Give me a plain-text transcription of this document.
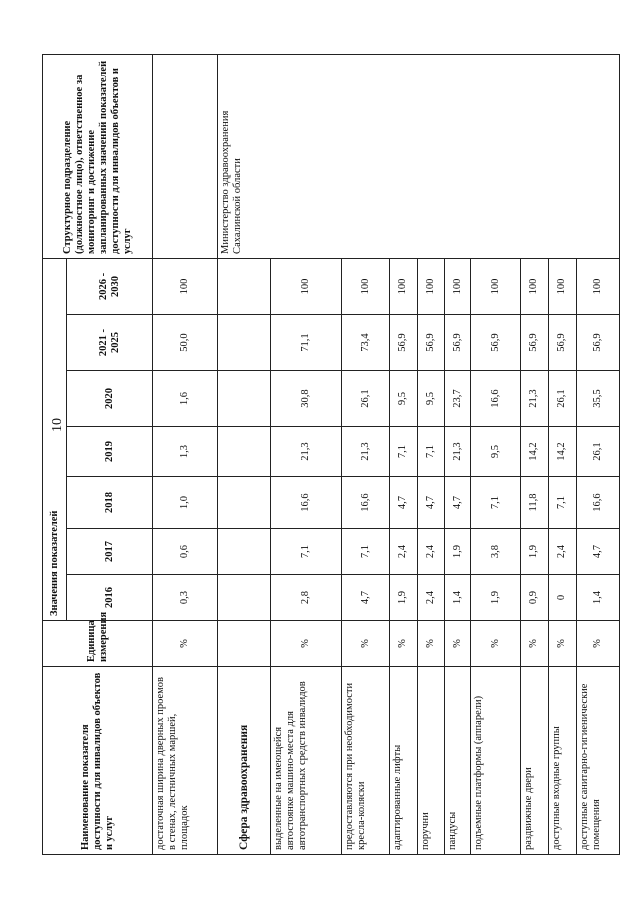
10
Наименование показателя доступности для инвалидов объектов и услуг	Единица измерения	Значения показателей							Структурное подразделение (должностное лицо), ответственное за мониторинг и достижение запланированных значений показателей доступности для инвалидов объектов и услуг
		2016	2017	2018	2019	2020	2021 - 2025	2026 - 2030	
достаточная ширина дверных проемов в стенах, лестничных маршей, площадок	%	0,3	0,6	1,0	1,3	1,6	50,0	100	
Сфера здравоохранения									Министерство здравоохранения Сахалинской области
выделенные на имеющейся автостоянке машино-места для автотранспортных средств инвалидов	%	2,8	7,1	16,6	21,3	30,8	71,1	100	
предоставляются при необходимости кресла-коляски	%	4,7	7,1	16,6	21,3	26,1	73,4	100	
адаптированные лифты	%	1,9	2,4	4,7	7,1	9,5	56,9	100	
поручни	%	2,4	2,4	4,7	7,1	9,5	56,9	100	
пандусы	%	1,4	1,9	4,7	21,3	23,7	56,9	100	
подъемные платформы (аппарели)	%	1,9	3,8	7,1	9,5	16,6	56,9	100	
раздвижные двери	%	0,9	1,9	11,8	14,2	21,3	56,9	100	
доступные входные группы	%	0	2,4	7,1	14,2	26,1	56,9	100	
доступные санитарно-гигиенические помещения	%	1,4	4,7	16,6	26,1	35,5	56,9	100	
